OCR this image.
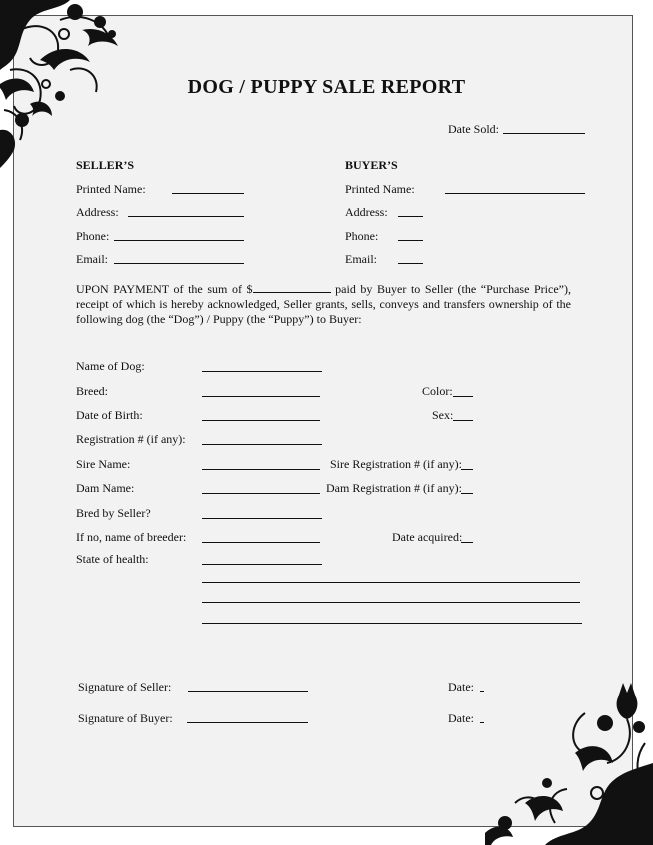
DOG / PUPPY SALE REPORT
Date Sold:
SELLER’S
Printed Name:
Address:
Phone:
Email:
BUYER’S
Printed Name:
Address:
Phone:
Email:
UPON PAYMENT of the sum of $	paid by Buyer to Seller (the “Purchase Price”), receipt of which is hereby acknowledged, Seller grants, sells, conveys and transfers ownership of the following dog (the “Dog”) / Puppy (the “Puppy”) to Buyer:
Name of Dog:
Breed:	Color:
Date of Birth:	Sex:
Registration # (if any):
Sire Name:	Sire Registration # (if any):
Dam Name:	Dam Registration # (if any):
Bred by Seller?
If no, name of breeder:	Date acquired:
State of health:
Signature of Seller:	Date:
Signature of Buyer:	Date:
